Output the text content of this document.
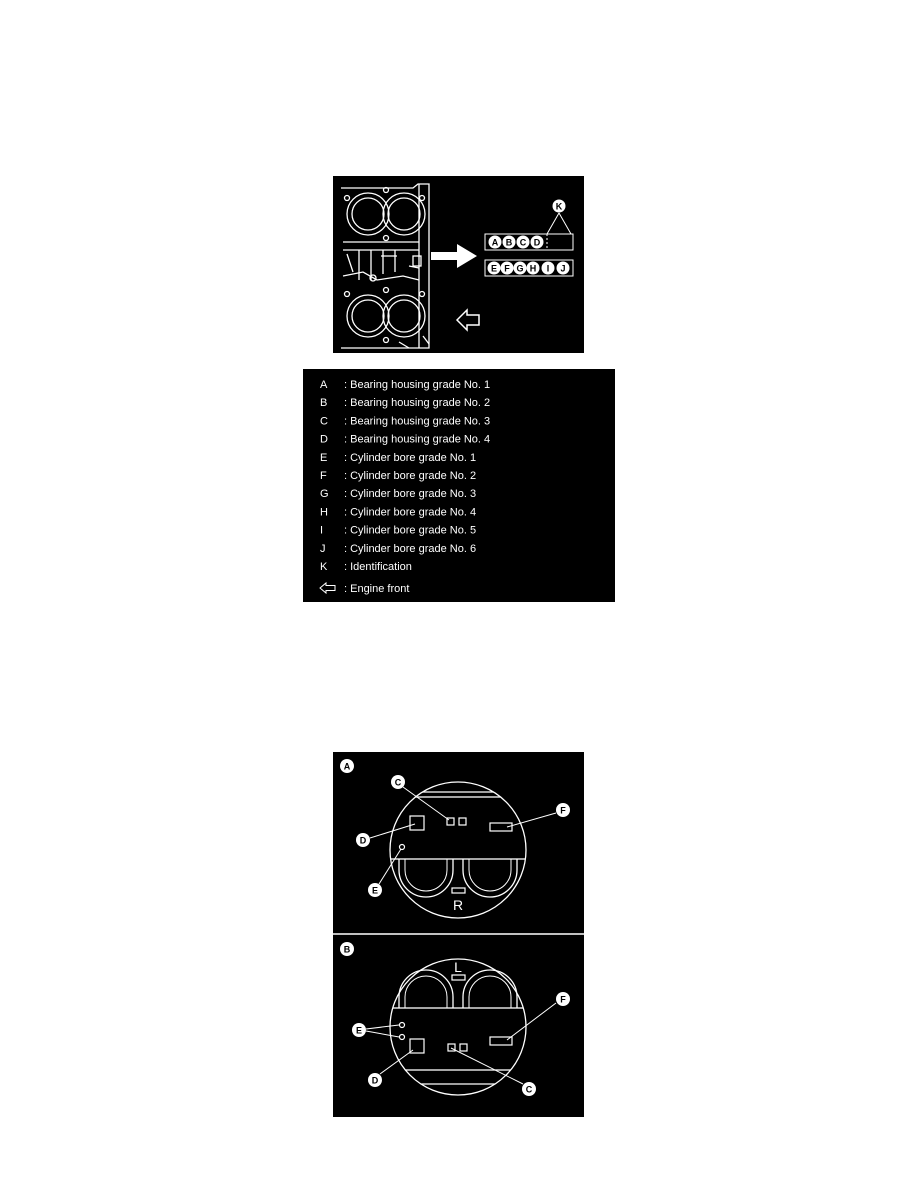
A B C D
K
E F G H I J
A : Bearing housing grade No. 1
B : Bearing housing grade No. 2
C : Bearing housing grade No. 3
D : Bearing housing grade No. 4
E : Cylinder bore grade No. 1
F : Cylinder bore grade No. 2
G : Cylinder bore grade No. 3
H : Cylinder bore grade No. 4
I : Cylinder bore grade No. 5
J : Cylinder bore grade No. 6
K : Identification
: Engine front
A
R
C
D
E
F
B
L
E
D
C
F
